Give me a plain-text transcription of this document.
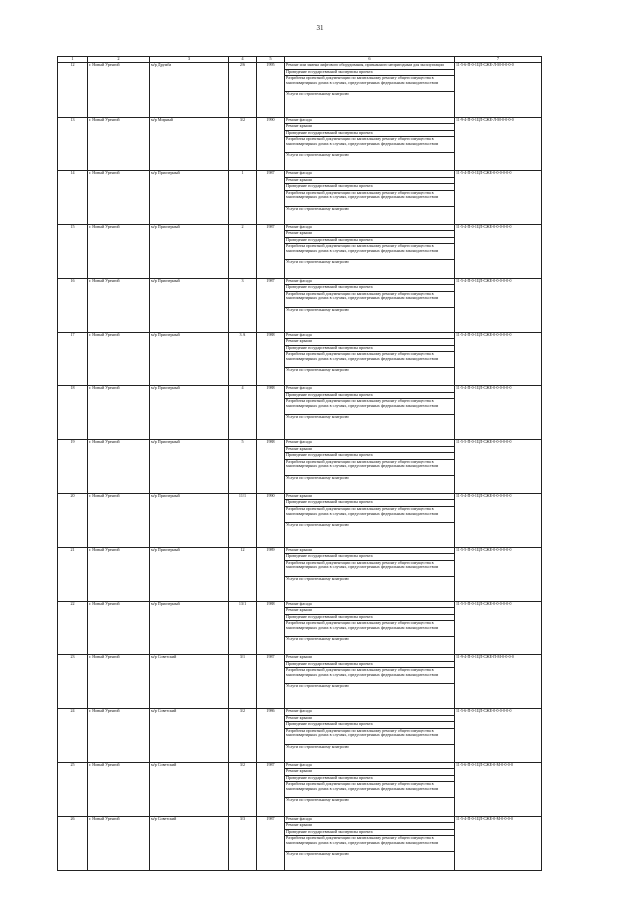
31
1	2	3	4	5	6	7
12	г. Новый Уренгой	м/р Дружба	2/6	1995	Ремонт или замена лифтового оборудования, признанного непригодным для эксплуатации
Проведение государственной экспертизы проекта
Разработка проектной документации по капитальному ремонту общего имущества в многоквартирных домах в случаях, предусмотренных федеральным законодательством
Услуги по строительному контролю	11-5-6-П-0-1ЦЛ-СЖЕ-Л-М-0-0-0-0
13	г. Новый Уренгой	м/р Мирный	3/2	1990	Ремонт фасада
Ремонт крыши
Проведение государственной экспертизы проекта
Разработка проектной документации по капитальному ремонту общего имущества в многоквартирных домах в случаях, предусмотренных федеральным законодательством
Услуги по строительному контролю	11-9-4-П-0-1ЦЛ-СЖЕ-Л-М-0-0-0-0
14	г. Новый Уренгой	м/р Приозерный	1	1987	Ремонт фасада
Ремонт крыши
Проведение государственной экспертизы проекта
Разработка проектной документации по капитальному ремонту общего имущества в многоквартирных домах в случаях, предусмотренных федеральным законодательством
Услуги по строительному контролю	11-5-4-П-0-1ЦЛ-СЖЕ-0-0-0-0-0-0
15	г. Новый Уренгой	м/р Приозерный	2	1987	Ремонт фасада
Ремонт крыши
Проведение государственной экспертизы проекта
Разработка проектной документации по капитальному ремонту общего имущества в многоквартирных домах в случаях, предусмотренных федеральным законодательством
Услуги по строительному контролю	11-5-4-П-0-1ЦЛ-СЖЕ-0-0-0-0-0-0
16	г. Новый Уренгой	м/р Приозерный	3	1987	Ремонт фасада
Проведение государственной экспертизы проекта
Разработка проектной документации по капитальному ремонту общего имущества в многоквартирных домах в случаях, предусмотренных федеральным законодательством
Услуги по строительному контролю	11-5-4-П-0-1ЦЛ-СЖЕ-0-0-0-0-0-0
17	г. Новый Уренгой	м/р Приозерный	3 А	1988	Ремонт фасада
Ремонт крыши
Проведение государственной экспертизы проекта
Разработка проектной документации по капитальному ремонту общего имущества в многоквартирных домах в случаях, предусмотренных федеральным законодательством
Услуги по строительному контролю	11-5-4-П-0-1ЦЛ-СЖЕ-0-0-0-0-0-0
18	г. Новый Уренгой	м/р Приозерный	4	1988	Ремонт фасада
Проведение государственной экспертизы проекта
Разработка проектной документации по капитальному ремонту общего имущества в многоквартирных домах в случаях, предусмотренных федеральным законодательством
Услуги по строительному контролю	11-5-4-П-0-1ЦЛ-СЖЕ-0-0-0-0-0-0
19	г. Новый Уренгой	м/р Приозерный	5	1988	Ремонт фасада
Ремонт крыши
Проведение государственной экспертизы проекта
Разработка проектной документации по капитальному ремонту общего имущества в многоквартирных домах в случаях, предусмотренных федеральным законодательством
Услуги по строительному контролю	11-5-5-П-0-1ЦЛ-СЖЕ-0-0-0-0-0-0
20	г. Новый Уренгой	м/р Приозерный	11/1	1990	Ремонт крыши
Проведение государственной экспертизы проекта
Разработка проектной документации по капитальному ремонту общего имущества в многоквартирных домах в случаях, предусмотренных федеральным законодательством
Услуги по строительному контролю	11-5-4-П-0-1ЦЛ-СЖЕ-0-0-0-0-0-0
21	г. Новый Уренгой	м/р Приозерный	12	1989	Ремонт крыши
Проведение государственной экспертизы проекта
Разработка проектной документации по капитальному ремонту общего имущества в многоквартирных домах в случаях, предусмотренных федеральным законодательством
Услуги по строительному контролю	11-5-5-П-0-1ЦЛ-СЖЕ-0-0-0-0-0-0
22	г. Новый Уренгой	м/р Приозерный	13/1	1988	Ремонт фасада
Ремонт крыши
Проведение государственной экспертизы проекта
Разработка проектной документации по капитальному ремонту общего имущества в многоквартирных домах в случаях, предусмотренных федеральным законодательством
Услуги по строительному контролю	11-5-5-П-0-1ЦЛ-СЖЕ-0-0-0-0-0-0
23	г. Новый Уренгой	м/р Советский	3/1	1987	Ремонт крыши
Проведение государственной экспертизы проекта
Разработка проектной документации по капитальному ремонту общего имущества в многоквартирных домах в случаях, предусмотренных федеральным законодательством
Услуги по строительному контролю	11-9-4-П-0-1ЦЛ-СЖЕ-П-М-0-0-0-0
24	г. Новый Уренгой	м/р Советский	3/2	1986	Ремонт фасада
Ремонт крыши
Проведение государственной экспертизы проекта
Разработка проектной документации по капитальному ремонту общего имущества в многоквартирных домах в случаях, предусмотренных федеральным законодательством
Услуги по строительному контролю	11-5-6-П-0-1ЦЛ-СЖЕ-0-0-0-0-0-0
25	г. Новый Уренгой	м/р Советский	3/2	1987	Ремонт фасада
Ремонт крыши
Проведение государственной экспертизы проекта
Разработка проектной документации по капитальному ремонту общего имущества в многоквартирных домах в случаях, предусмотренных федеральным законодательством
Услуги по строительному контролю	11-5-6-П-0-1ЦЛ-СЖЕ-0-М-0-0-0-0
26	г. Новый Уренгой	м/р Советский	3/3	1987	Ремонт фасада
Ремонт крыши
Проведение государственной экспертизы проекта
Разработка проектной документации по капитальному ремонту общего имущества в многоквартирных домах в случаях, предусмотренных федеральным законодательством
Услуги по строительному контролю	11-5-4-П-0-1ЦЛ-СЖЕ-0-М-0-0-0-0
